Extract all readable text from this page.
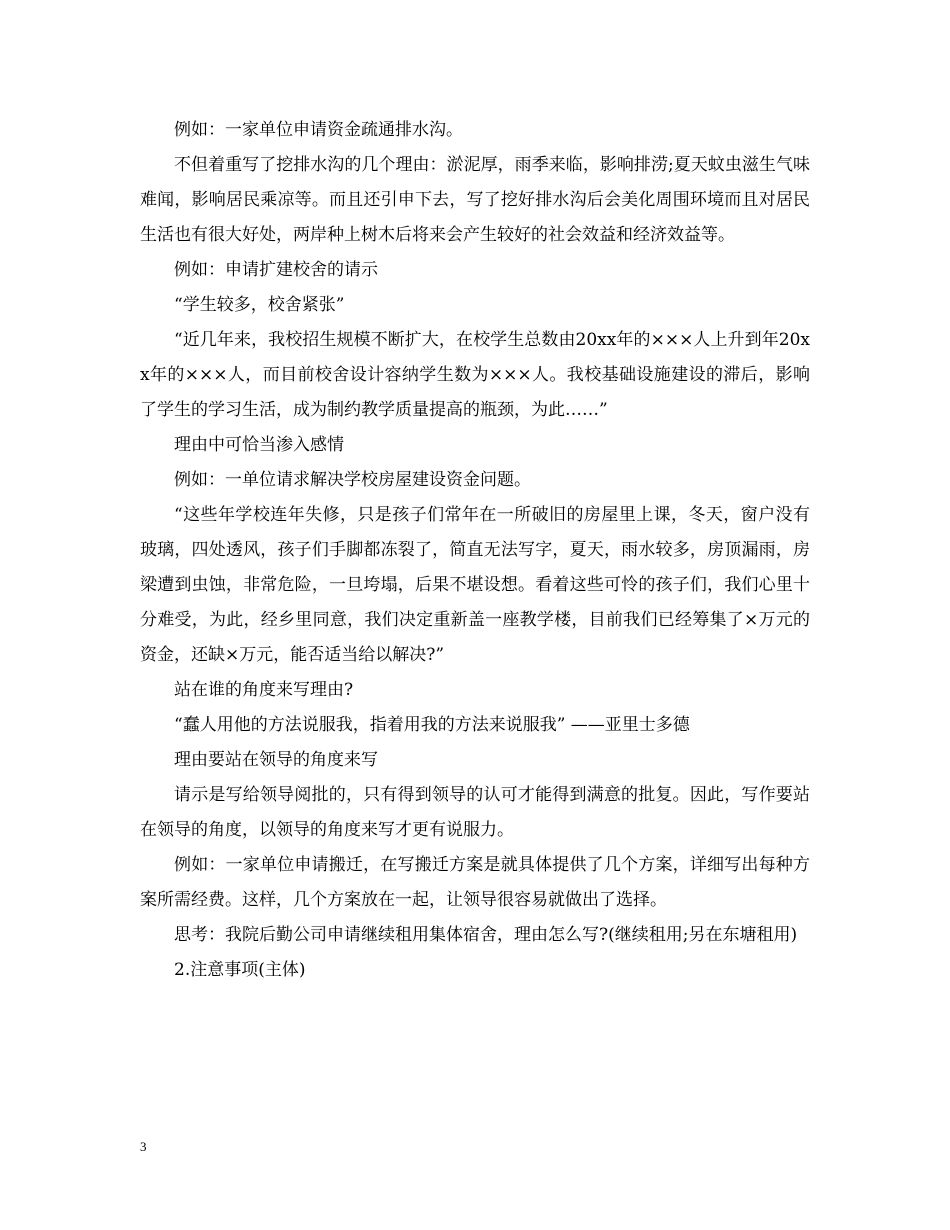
例如：一家单位申请资金疏通排水沟。

不但着重写了挖排水沟的几个理由：淤泥厚，雨季来临，影响排涝;夏天蚊虫滋生气味难闻，影响居民乘凉等。而且还引申下去，写了挖好排水沟后会美化周围环境而且对居民生活也有很大好处，两岸种上树木后将来会产生较好的社会效益和经济效益等。

例如：申请扩建校舍的请示

“学生较多，校舍紧张”

“近几年来，我校招生规模不断扩大，在校学生总数由20xx年的×××人上升到年20xx年的×××人，而目前校舍设计容纳学生数为×××人。我校基础设施建设的滞后，影响了学生的学习生活，成为制约教学质量提高的瓶颈，为此……”

理由中可恰当渗入感情

例如：一单位请求解决学校房屋建设资金问题。

“这些年学校连年失修，只是孩子们常年在一所破旧的房屋里上课，冬天，窗户没有玻璃，四处透风，孩子们手脚都冻裂了，简直无法写字，夏天，雨水较多，房顶漏雨，房梁遭到虫蚀，非常危险，一旦垮塌，后果不堪设想。看着这些可怜的孩子们，我们心里十分难受，为此，经乡里同意，我们决定重新盖一座教学楼，目前我们已经筹集了×万元的资金，还缺×万元，能否适当给以解决?”

站在谁的角度来写理由?

“蠢人用他的方法说服我，指着用我的方法来说服我” ——亚里士多德

理由要站在领导的角度来写

请示是写给领导阅批的，只有得到领导的认可才能得到满意的批复。因此，写作要站在领导的角度，以领导的角度来写才更有说服力。

例如：一家单位申请搬迁，在写搬迁方案是就具体提供了几个方案，详细写出每种方案所需经费。这样，几个方案放在一起，让领导很容易就做出了选择。

思考：我院后勤公司申请继续租用集体宿舍，理由怎么写?(继续租用;另在东塘租用)

2.注意事项(主体)

3
